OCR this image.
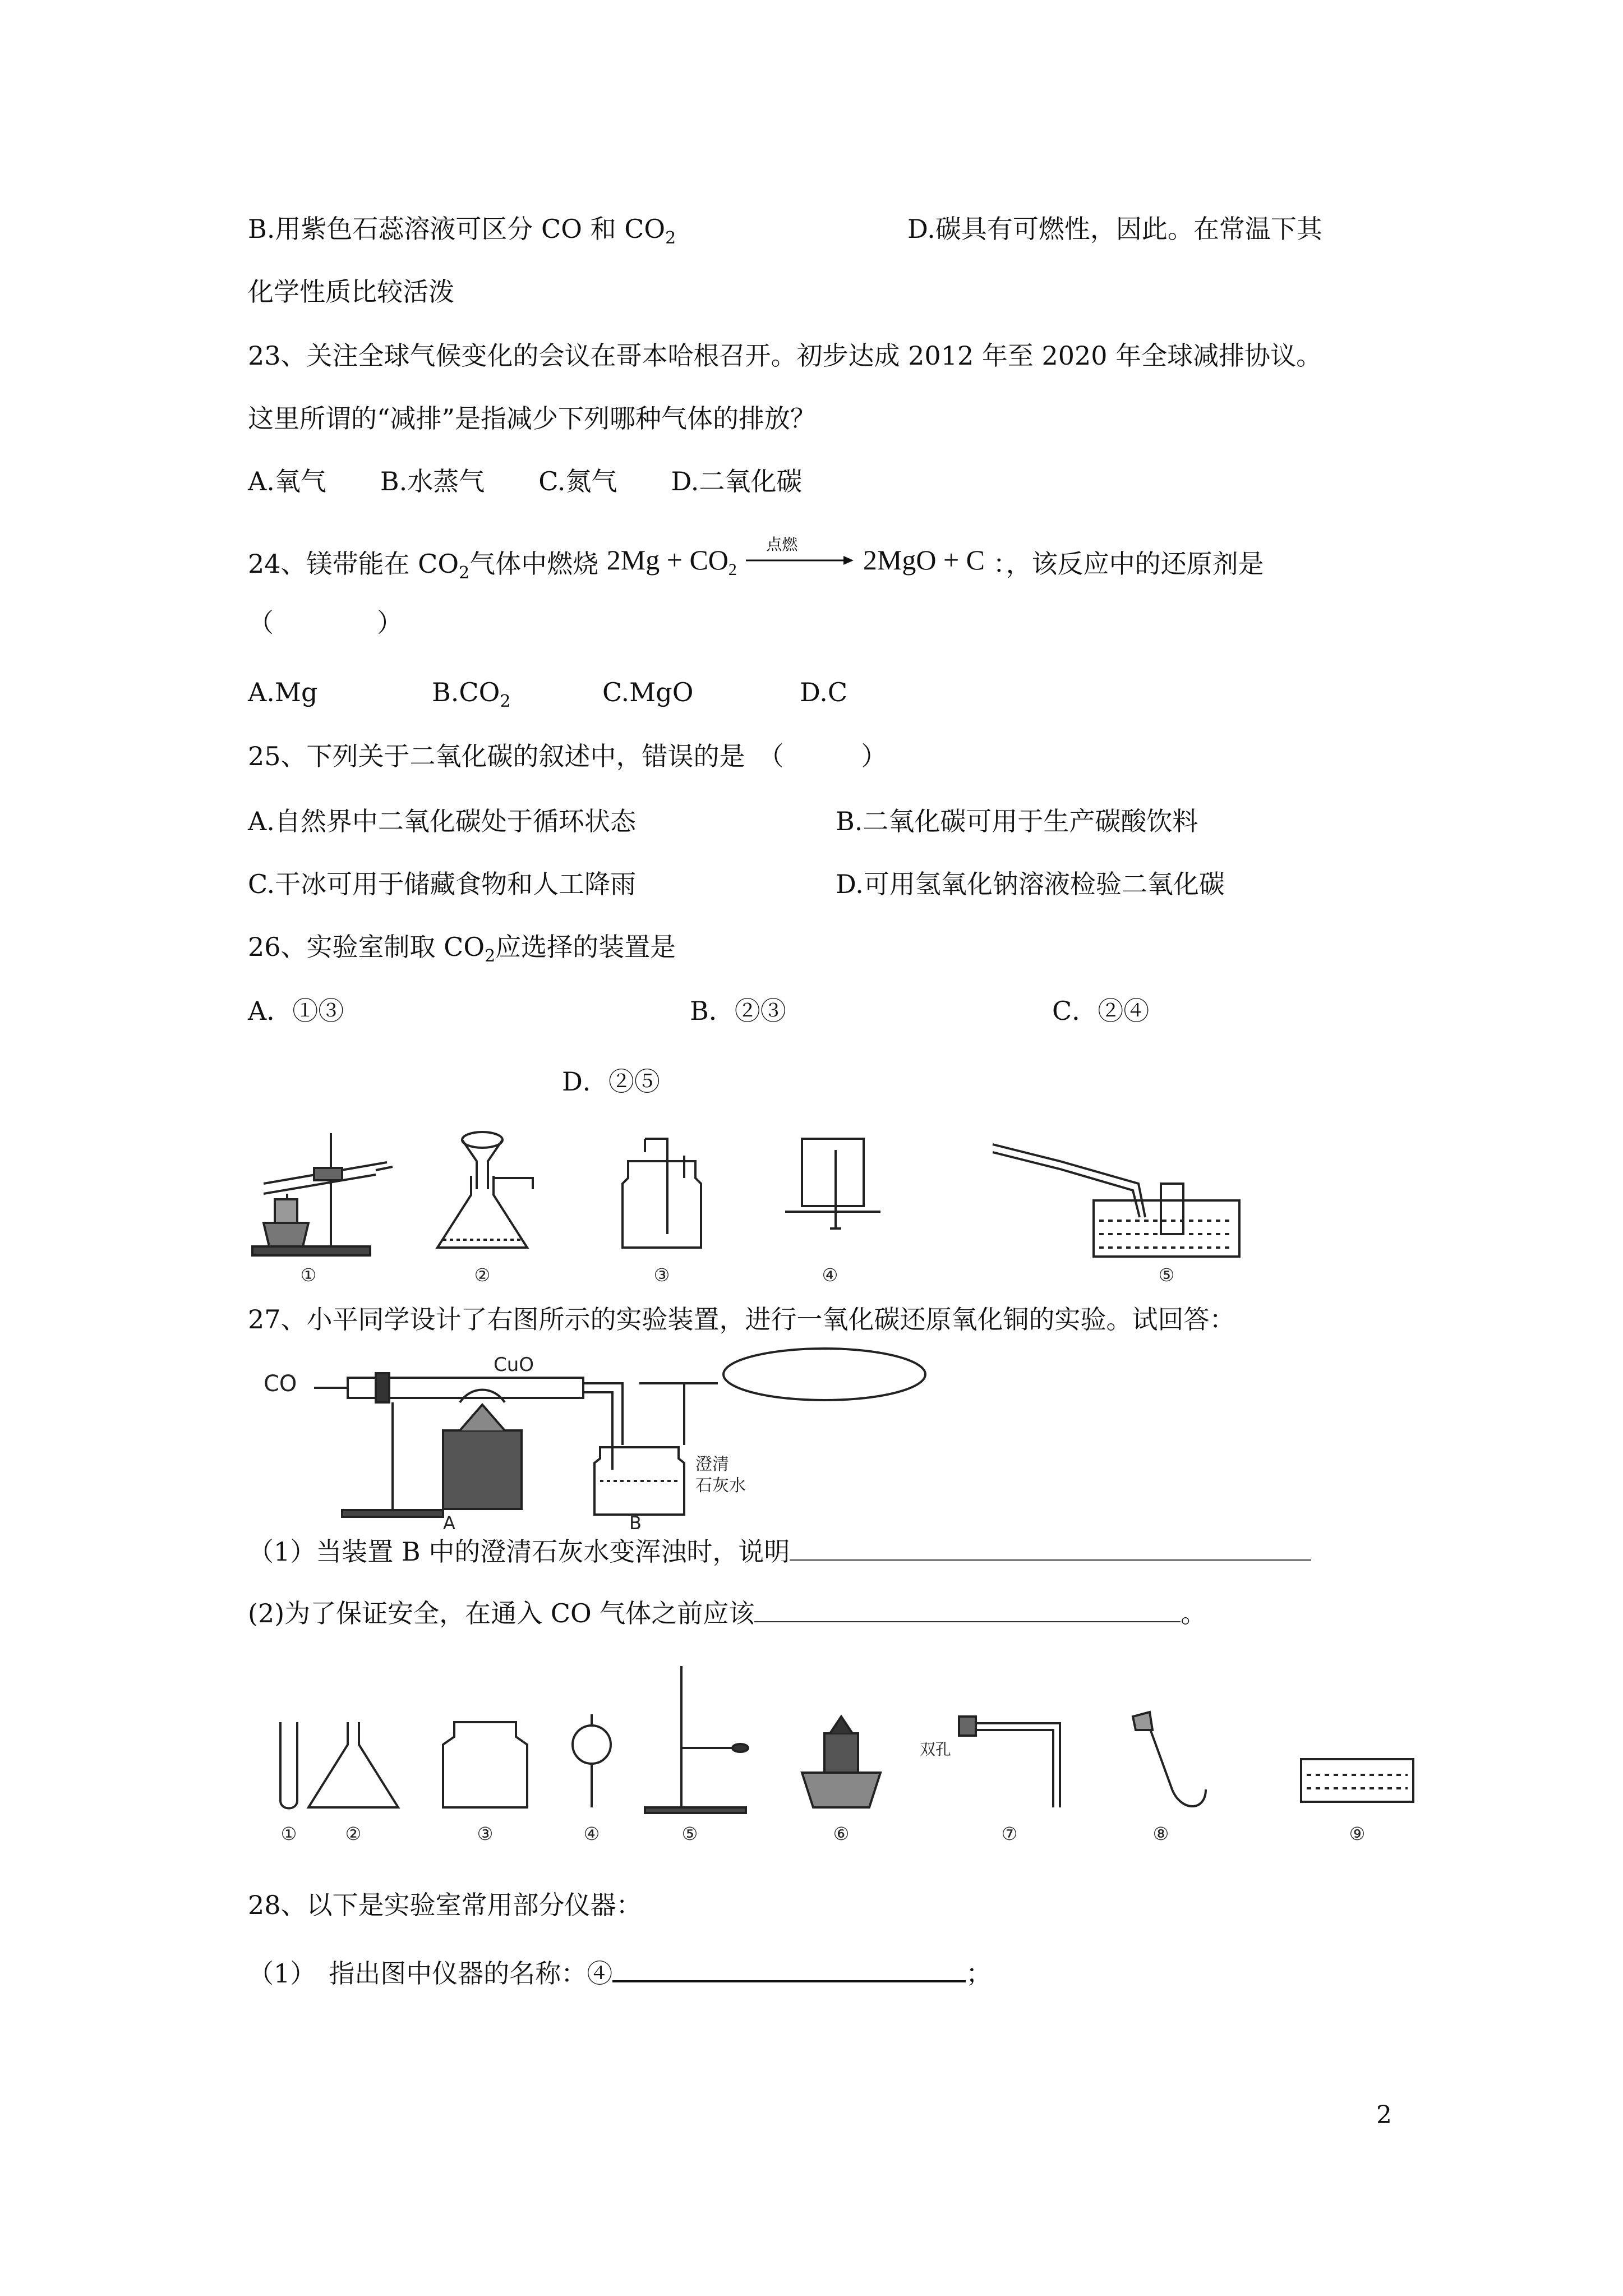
B.用紫色石蕊溶液可区分 CO 和 $CO_2$	D.碳具有可燃性，因此。在常温下其
化学性质比较活泼
23、关注全球气候变化的会议在哥本哈根召开。初步达成 2012 年至 2020 年全球减排协议。
这里所谓的“减排”是指减少下列哪种气体的排放？
A.氧气 B.水蒸气 C.氮气 D.二氧化碳
24、镁带能在 $CO_2$气体中燃烧 $2Mg + CO_2$
点燃 2MgO + C ：，该反应中的还原剂是
（　　　　）
A.Mg	$B.CO_2$	C.MgO	D.C
25、下列关于二氧化碳的叙述中，错误的是　（　　　）
A.自然界中二氧化碳处于循环状态	B.二氧化碳可用于生产碳酸饮料
C.干冰可用于储藏食物和人工降雨	D.可用氢氧化钠溶液检验二氧化碳
26、实验室制取 $CO_2$应选择的装置是
A．①③	B．②③	C．②④
D．②⑤
①	②	③	④	⑤
27、小平同学设计了右图所示的实验装置，进行一氧化碳还原氧化铜的实验。试回答：
CO
CuO
A
澄清
石灰水
B
（1）当装置 B 中的澄清石灰水变浑浊时，说明
(2)为了保证安全，在通入 CO 气体之前应该	。
双孔
①	②	③	④	⑤	⑥	⑦	⑧	⑨
28、以下是实验室常用部分仪器：
（1）　指出图中仪器的名称：④	；
2
